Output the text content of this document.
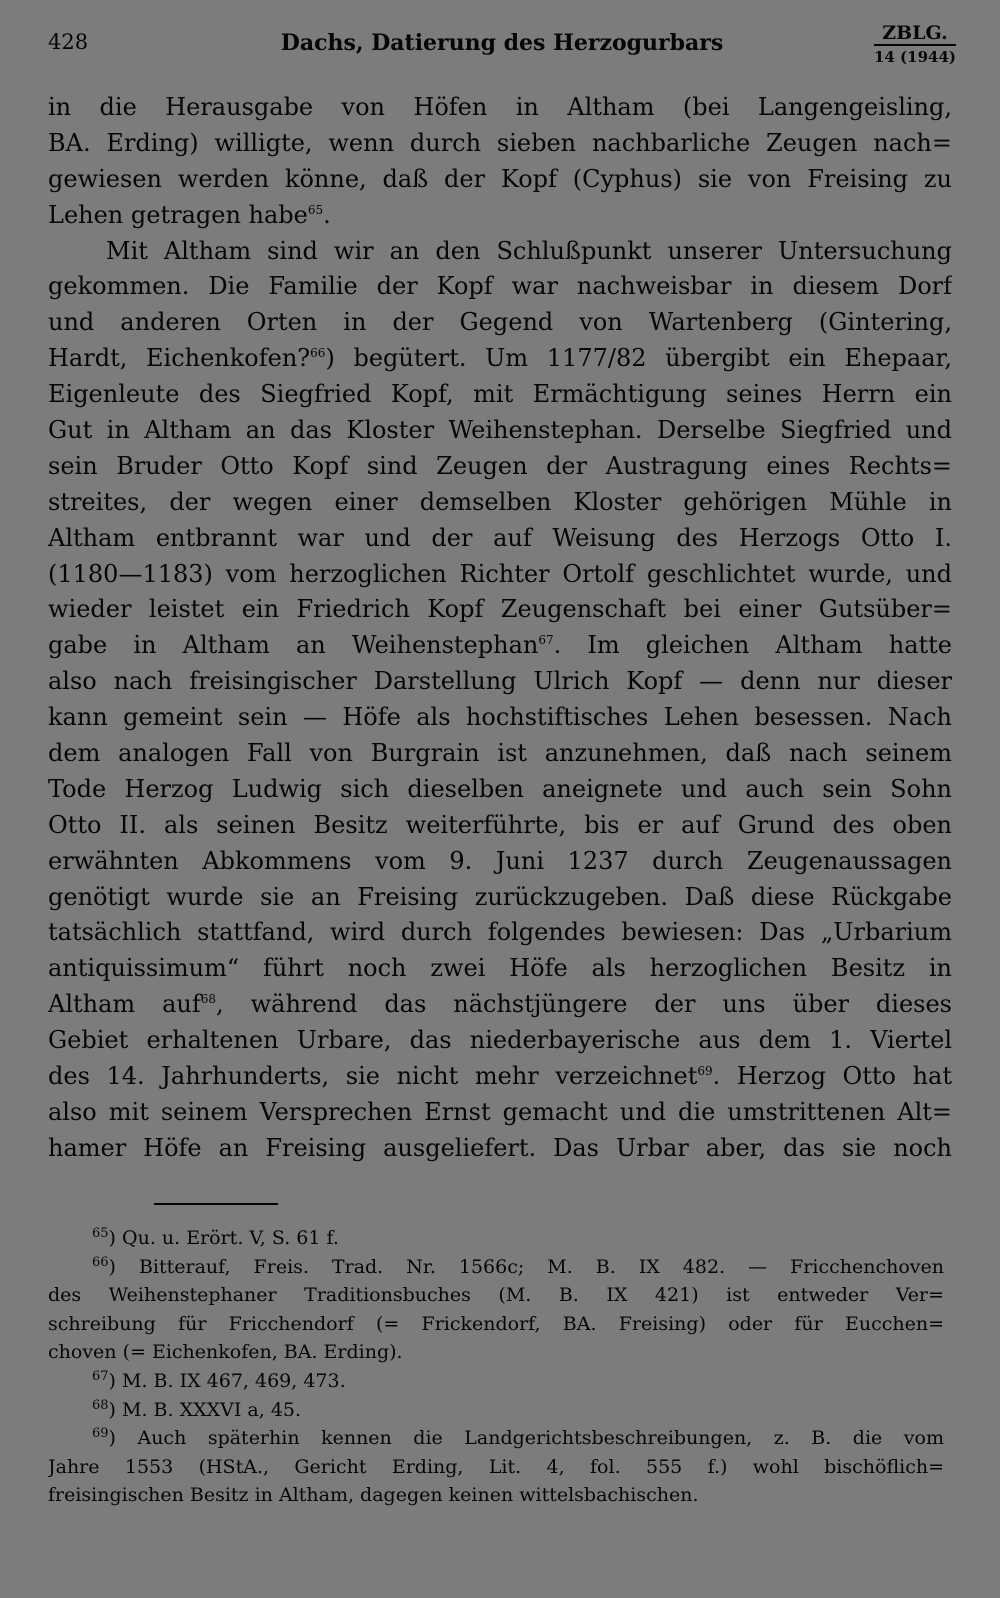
428	Dachs, Datierung des Herzogurbars	ZBLG.
14 (1944)
in die Herausgabe von Höfen in Altham (bei Langengeisling,
BA. Erding) willigte, wenn durch sieben nachbarliche Zeugen nach=
gewiesen werden könne, daß der Kopf (Cyphus) sie von Freising zu
Lehen getragen habe$^{65}$.
Mit Altham sind wir an den Schlußpunkt unserer Untersuchung
gekommen. Die Familie der Kopf war nachweisbar in diesem Dorf
und anderen Orten in der Gegend von Wartenberg (Gintering,
Hardt, Eichenkofen?$^{66}$) begütert. Um 1177/82 übergibt ein Ehepaar,
Eigenleute des Siegfried Kopf, mit Ermächtigung seines Herrn ein
Gut in Altham an das Kloster Weihenstephan. Derselbe Siegfried und
sein Bruder Otto Kopf sind Zeugen der Austragung eines Rechts=
streites, der wegen einer demselben Kloster gehörigen Mühle in
Altham entbrannt war und der auf Weisung des Herzogs Otto I.
(1180—1183) vom herzoglichen Richter Ortolf geschlichtet wurde, und
wieder leistet ein Friedrich Kopf Zeugenschaft bei einer Gutsüber=
gabe in Altham an Weihenstephan$^{67}$. Im gleichen Altham hatte
also nach freisingischer Darstellung Ulrich Kopf — denn nur dieser
kann gemeint sein — Höfe als hochstiftisches Lehen besessen. Nach
dem analogen Fall von Burgrain ist anzunehmen, daß nach seinem
Tode Herzog Ludwig sich dieselben aneignete und auch sein Sohn
Otto II. als seinen Besitz weiterführte, bis er auf Grund des oben
erwähnten Abkommens vom 9. Juni 1237 durch Zeugenaussagen
genötigt wurde sie an Freising zurückzugeben. Daß diese Rückgabe
tatsächlich stattfand, wird durch folgendes bewiesen: Das „Urbarium
antiquissimum“ führt noch zwei Höfe als herzoglichen Besitz in
Altham auf$^{68}$, während das nächstjüngere der uns über dieses
Gebiet erhaltenen Urbare, das niederbayerische aus dem 1. Viertel
des 14. Jahrhunderts, sie nicht mehr verzeichnet$^{69}$. Herzog Otto hat
also mit seinem Versprechen Ernst gemacht und die umstrittenen Alt=
hamer Höfe an Freising ausgeliefert. Das Urbar aber, das sie noch
$^{65}$) Qu. u. Erört. V, S. 61 f.
$^{66}$) Bitterauf, Freis. Trad. Nr. 1566c; M. B. IX 482. — Fricchenchoven
des Weihenstephaner Traditionsbuches (M. B. IX 421) ist entweder Ver=
schreibung für Fricchendorf (= Frickendorf, BA. Freising) oder für Eucchen=
choven (= Eichenkofen, BA. Erding).
$^{67}$) M. B. IX 467, 469, 473.
$^{68}$) M. B. XXXVI a, 45.
$^{69}$) Auch späterhin kennen die Landgerichtsbeschreibungen, z. B. die vom
Jahre 1553 (HStA., Gericht Erding, Lit. 4, fol. 555 f.) wohl bischöflich=
freisingischen Besitz in Altham, dagegen keinen wittelsbachischen.
